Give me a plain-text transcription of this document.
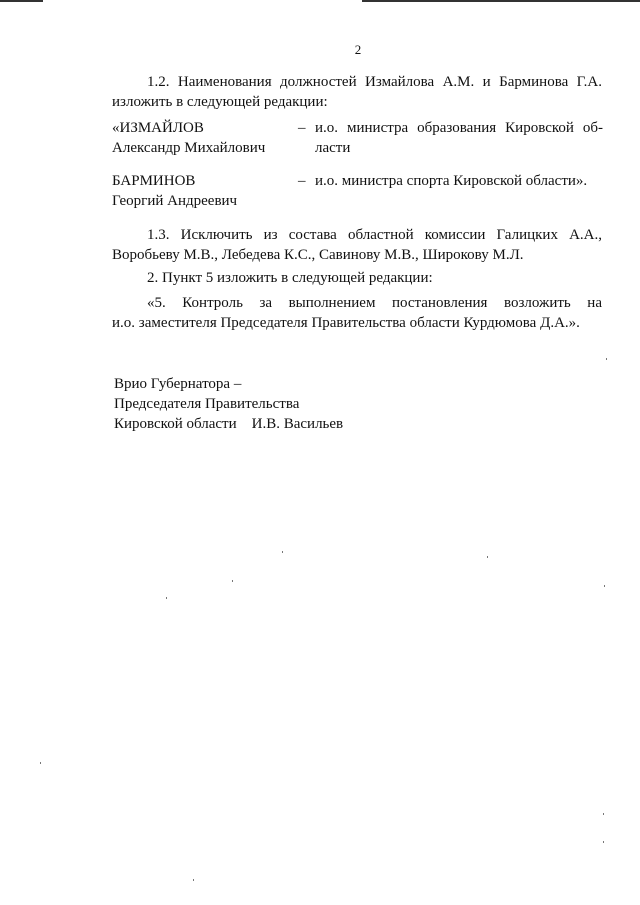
2
1.2. Наименования должностей Измайлова А.М. и Барминова Г.А.
изложить в следующей редакции:
«ИЗМАЙЛОВ
Александр Михайлович
– и.о. министра образования Кировской об-
ласти
БАРМИНОВ
Георгий Андреевич
– и.о. министра спорта Кировской области».
1.3. Исключить из состава областной комиссии Галицких А.А.,
Воробьеву М.В., Лебедева К.С., Савинову М.В., Широкову М.Л.
2. Пункт 5 изложить в следующей редакции:
«5. Контроль за выполнением постановления возложить на
и.о. заместителя Председателя Правительства области Курдюмова Д.А.».
Врио Губернатора –
Председателя Правительства
Кировской области    И.В. Васильев
